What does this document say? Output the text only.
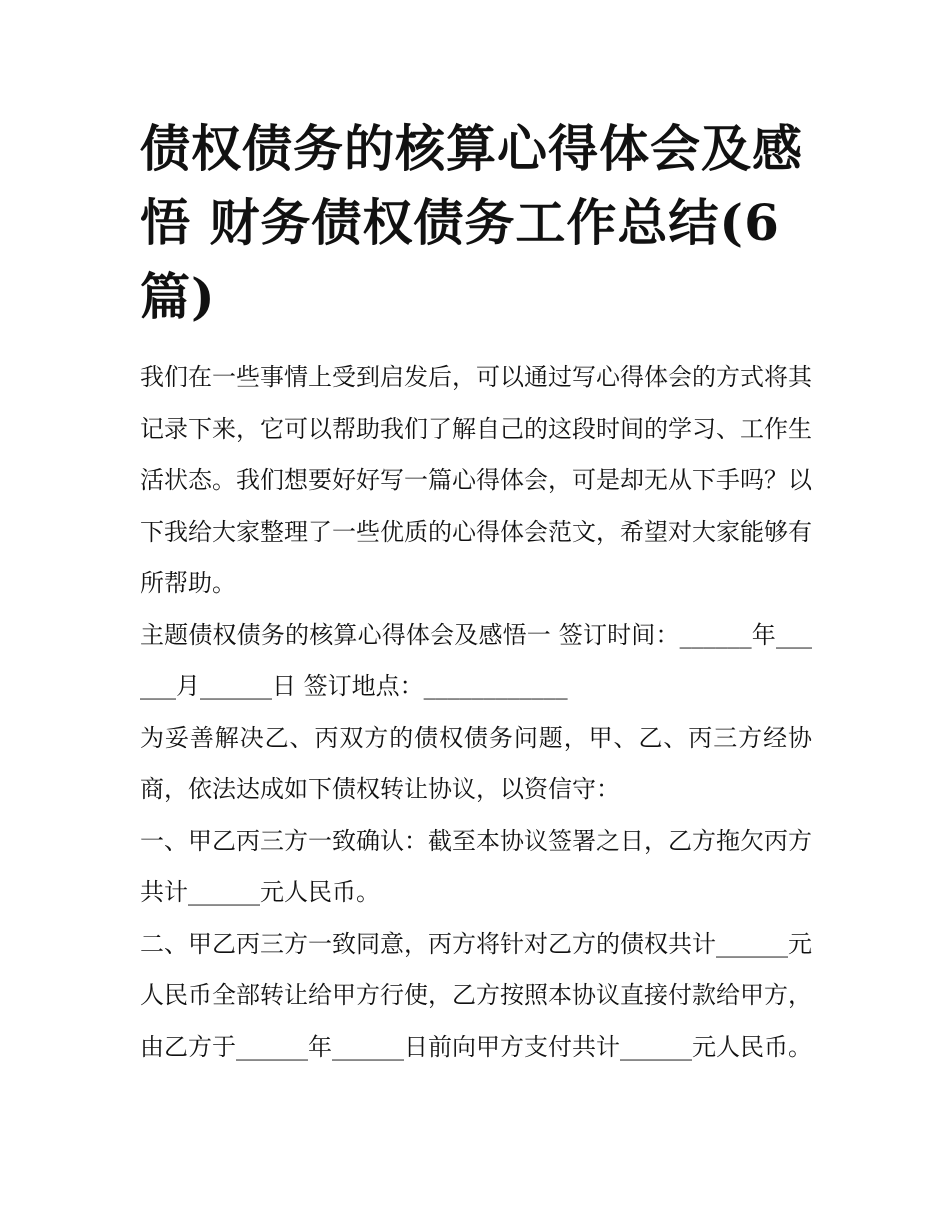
债权债务的核算心得体会及感悟 财务债权债务工作总结(6篇)

我们在一些事情上受到启发后，可以通过写心得体会的方式将其记录下来，它可以帮助我们了解自己的这段时间的学习、工作生活状态。我们想要好好写一篇心得体会，可是却无从下手吗？以下我给大家整理了一些优质的心得体会范文，希望对大家能够有所帮助。

主题债权债务的核算心得体会及感悟一 签订时间：______年______月______日 签订地点：____________

为妥善解决乙、丙双方的债权债务问题，甲、乙、丙三方经协商，依法达成如下债权转让协议，以资信守：

一、甲乙丙三方一致确认：截至本协议签署之日，乙方拖欠丙方共计______元人民币。

二、甲乙丙三方一致同意，丙方将针对乙方的债权共计______元人民币全部转让给甲方行使，乙方按照本协议直接付款给甲方，由乙方于______年______日前向甲方支付共计______元人民币。
